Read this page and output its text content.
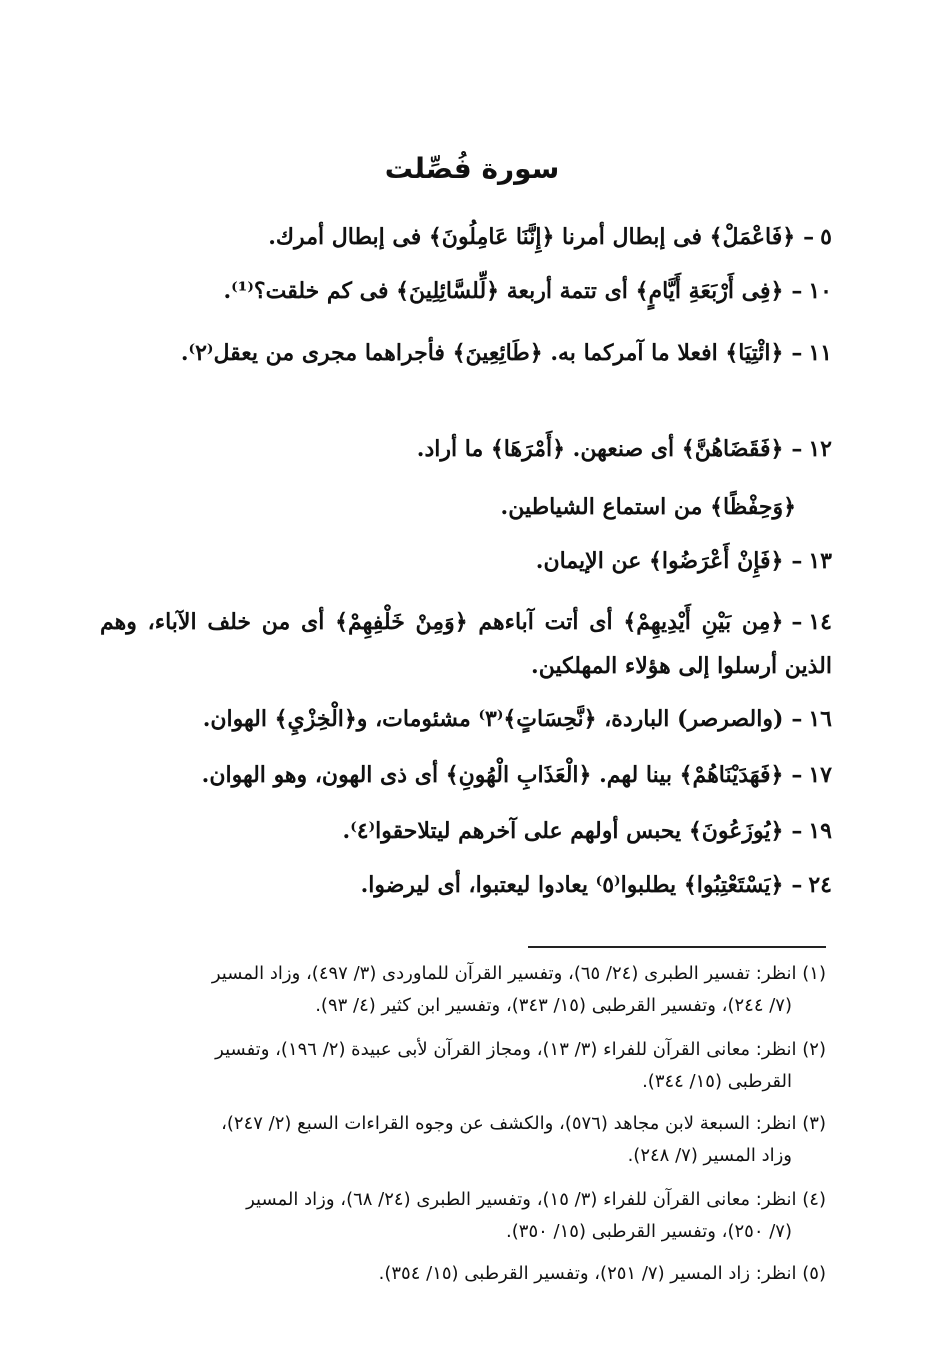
سورة فُصِّلت
٥–﴿فَاعْمَلْ﴾ فى إبطال أمرنا ﴿إِنَّنَا عَامِلُونَ﴾ فى إبطال أمرك.
١٠–﴿فِى أَرْبَعَةِ أَيَّامٍ﴾ أى تتمة أربعة ﴿لِّلسَّائِلِينَ﴾ فى كم خلقت؟⁽¹⁾.
١١–﴿ائْتِيَا﴾ افعلا ما آمركما به. ﴿طَائِعِينَ﴾ فأجراهما مجرى من يعقل⁽٢⁾.
١٢–﴿فَقَضَاهُنَّ﴾ أى صنعهن. ﴿أَمْرَهَا﴾ ما أراد.
﴿وَحِفْظًا﴾ من استماع الشياطين.
١٣–﴿فَإِنْ أَعْرَضُوا﴾ عن الإيمان.
١٤–﴿مِن بَيْنِ أَيْدِيهِمْ﴾ أى أتت آباءهم ﴿وَمِنْ خَلْفِهِمْ﴾ أى من خلف الآباء، وهم الذين أرسلوا إلى هؤلاء المهلكين.
١٦–(والصرصر) الباردة، ﴿نَّحِسَاتٍ﴾⁽٣⁾ مشئومات، و﴿الْخِزْيِ﴾ الهوان.
١٧–﴿فَهَدَيْنَاهُمْ﴾ بينا لهم. ﴿الْعَذَابِ الْهُونِ﴾ أى ذى الهون، وهو الهوان.
١٩–﴿يُوزَعُونَ﴾ يحبس أولهم على آخرهم ليتلاحقوا⁽٤⁾.
٢٤–﴿يَسْتَعْتِبُوا﴾ يطلبوا⁽٥⁾ يعادوا ليعتبوا، أى ليرضوا.
(١) انظر: تفسير الطبرى (٢٤/ ٦٥)، وتفسير القرآن للماوردى (٣/ ٤٩٧)، وزاد المسير
(٧/ ٢٤٤)، وتفسير القرطبى (١٥/ ٣٤٣)، وتفسير ابن كثير (٤/ ٩٣).
(٢) انظر: معانى القرآن للفراء (٣/ ١٣)، ومجاز القرآن لأبى عبيدة (٢/ ١٩٦)، وتفسير
القرطبى (١٥/ ٣٤٤).
(٣) انظر: السبعة لابن مجاهد (٥٧٦)، والكشف عن وجوه القراءات السبع (٢/ ٢٤٧)،
وزاد المسير (٧/ ٢٤٨).
(٤) انظر: معانى القرآن للفراء (٣/ ١٥)، وتفسير الطبرى (٢٤/ ٦٨)، وزاد المسير
(٧/ ٢٥٠)، وتفسير القرطبى (١٥/ ٣٥٠).
(٥) انظر: زاد المسير (٧/ ٢٥١)، وتفسير القرطبى (١٥/ ٣٥٤).
